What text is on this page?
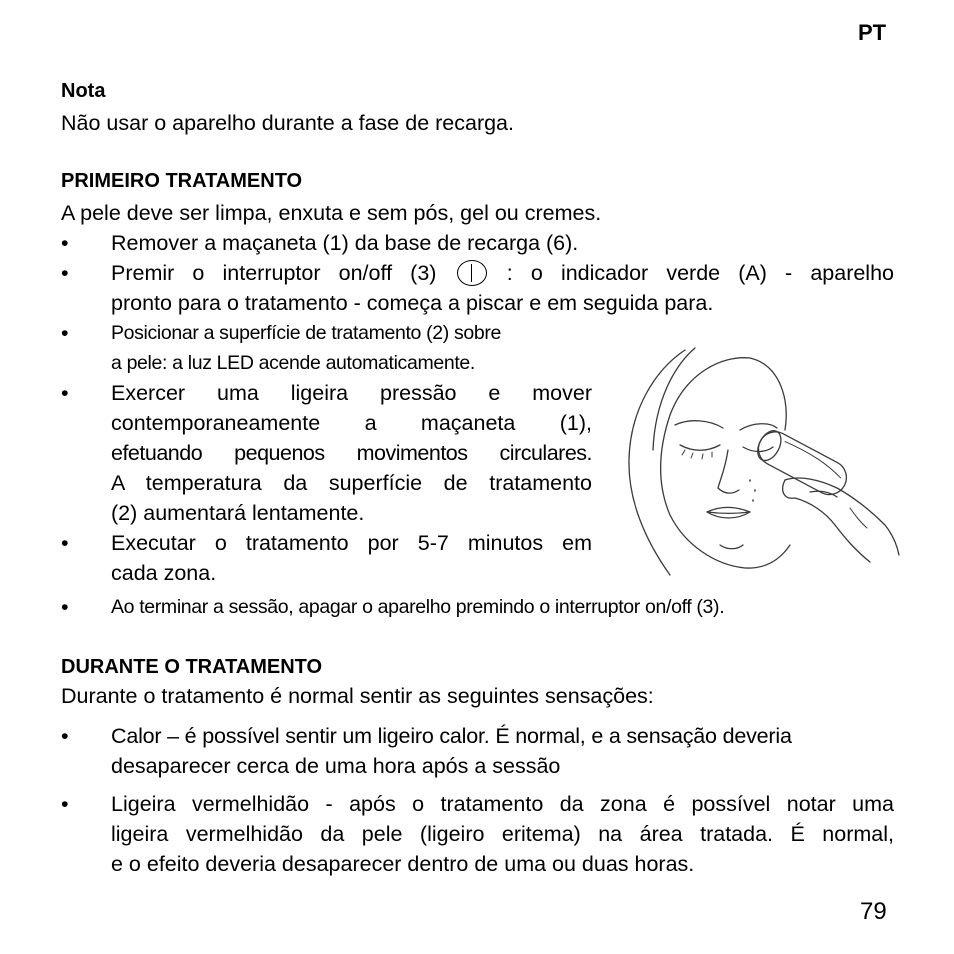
PT
Nota
Não usar o aparelho durante a fase de recarga.
PRIMEIRO TRATAMENTO
A pele deve ser limpa, enxuta e sem pós, gel ou cremes.
• Remover a maçaneta (1) da base de recarga (6).
• Premir o interruptor on/off (3)	: o indicador verde (A) - aparelho
pronto para o tratamento - começa a piscar e em seguida para.
• Posicionar a superfície de tratamento (2) sobre
a pele: a luz LED acende automaticamente.
• Exercer uma ligeira pressão e mover
contemporaneamente a maçaneta (1),
efetuando pequenos movimentos circulares.
A temperatura da superfície de tratamento
(2) aumentará lentamente.
• Executar o tratamento por 5-7 minutos em
cada zona.
• Ao terminar a sessão, apagar o aparelho premindo o interruptor on/off (3).
DURANTE O TRATAMENTO
Durante o tratamento é normal sentir as seguintes sensações:
• Calor – é possível sentir um ligeiro calor. É normal, e a sensação deveria
desaparecer cerca de uma hora após a sessão
• Ligeira vermelhidão - após o tratamento da zona é possível notar uma
ligeira vermelhidão da pele (ligeiro eritema) na área tratada. É normal,
e o efeito deveria desaparecer dentro de uma ou duas horas.
79
